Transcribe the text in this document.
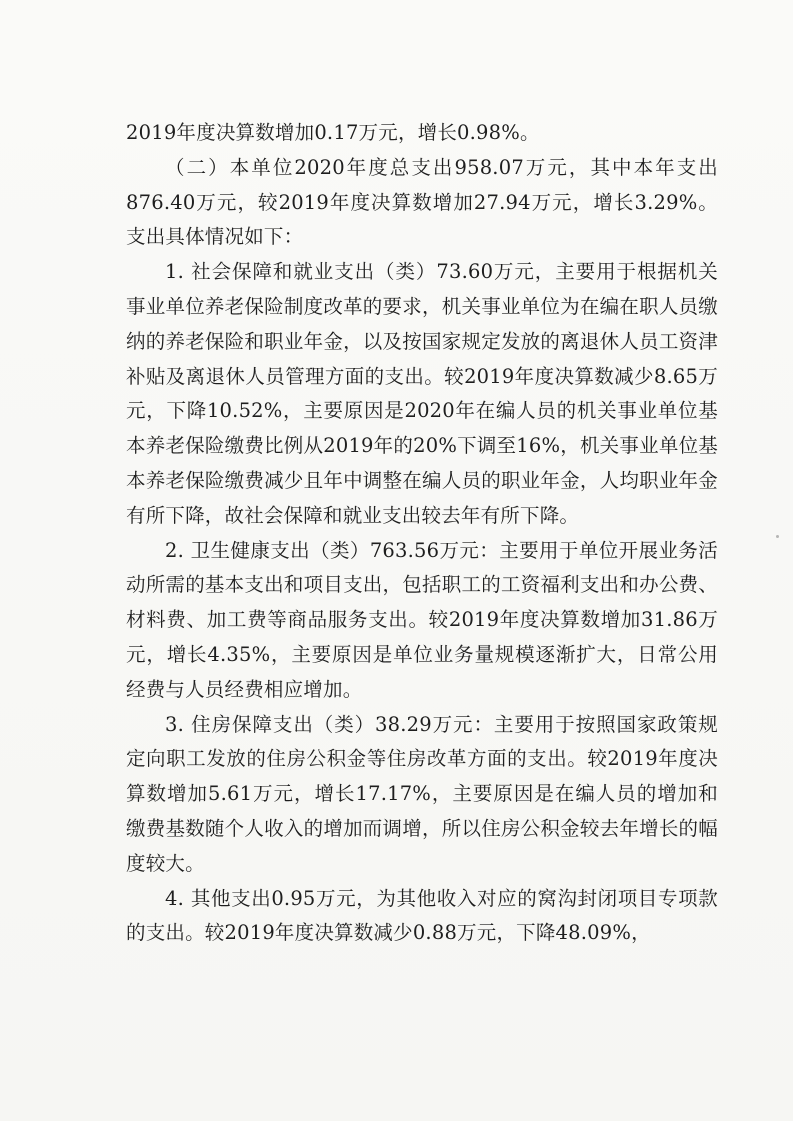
2019年度决算数增加0.17万元，增长0.98%。

（二）本单位2020年度总支出958.07万元，其中本年支出876.40万元，较2019年度决算数增加27.94万元，增长3.29%。支出具体情况如下：

1. 社会保障和就业支出（类）73.60万元，主要用于根据机关事业单位养老保险制度改革的要求，机关事业单位为在编在职人员缴纳的养老保险和职业年金，以及按国家规定发放的离退休人员工资津补贴及离退休人员管理方面的支出。较2019年度决算数减少8.65万元，下降10.52%，主要原因是2020年在编人员的机关事业单位基本养老保险缴费比例从2019年的20%下调至16%，机关事业单位基本养老保险缴费减少且年中调整在编人员的职业年金，人均职业年金有所下降，故社会保障和就业支出较去年有所下降。

2. 卫生健康支出（类）763.56万元：主要用于单位开展业务活动所需的基本支出和项目支出，包括职工的工资福利支出和办公费、材料费、加工费等商品服务支出。较2019年度决算数增加31.86万元，增长4.35%，主要原因是单位业务量规模逐渐扩大，日常公用经费与人员经费相应增加。

3. 住房保障支出（类）38.29万元：主要用于按照国家政策规定向职工发放的住房公积金等住房改革方面的支出。较2019年度决算数增加5.61万元，增长17.17%，主要原因是在编人员的增加和缴费基数随个人收入的增加而调增，所以住房公积金较去年增长的幅度较大。

4. 其他支出0.95万元，为其他收入对应的窝沟封闭项目专项款的支出。较2019年度决算数减少0.88万元，下降48.09%，
